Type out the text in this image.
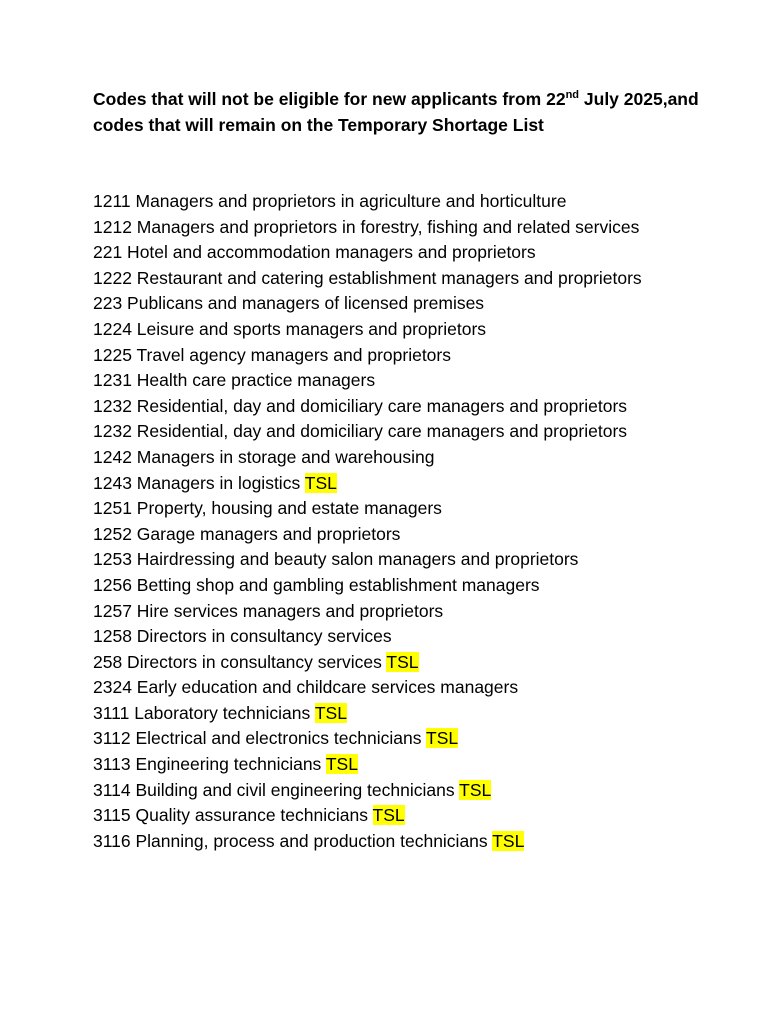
Codes that will not be eligible for new applicants from 22nd July 2025,and codes that will remain on the Temporary Shortage List

1211 Managers and proprietors in agriculture and horticulture
1212 Managers and proprietors in forestry, fishing and related services
221 Hotel and accommodation managers and proprietors
1222 Restaurant and catering establishment managers and proprietors
223 Publicans and managers of licensed premises
1224 Leisure and sports managers and proprietors
1225 Travel agency managers and proprietors
1231 Health care practice managers
1232 Residential, day and domiciliary care managers and proprietors
1232 Residential, day and domiciliary care managers and proprietors
1242 Managers in storage and warehousing
1243 Managers in logistics TSL
1251 Property, housing and estate managers
1252 Garage managers and proprietors
1253 Hairdressing and beauty salon managers and proprietors
1256 Betting shop and gambling establishment managers
1257 Hire services managers and proprietors
1258 Directors in consultancy services
258 Directors in consultancy services TSL
2324 Early education and childcare services managers
3111 Laboratory technicians TSL
3112 Electrical and electronics technicians TSL
3113 Engineering technicians TSL
3114 Building and civil engineering technicians TSL
3115 Quality assurance technicians TSL
3116 Planning, process and production technicians TSL
